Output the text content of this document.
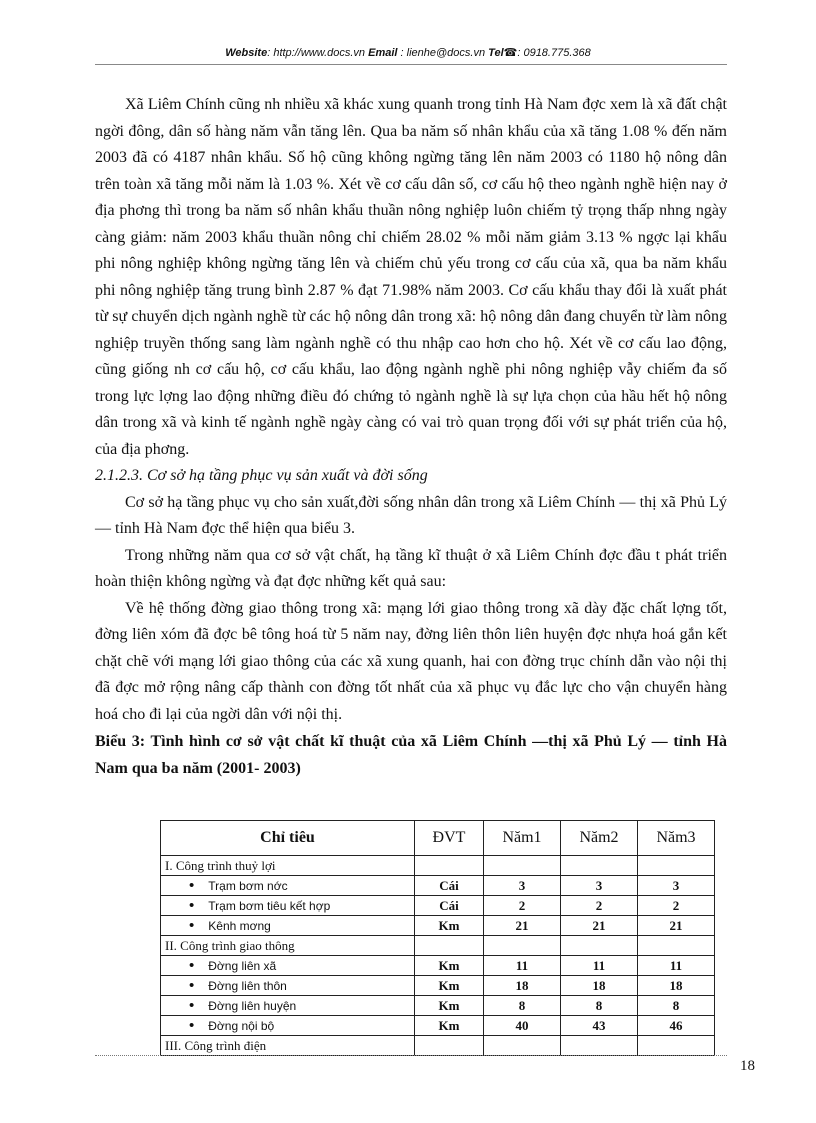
Website: http://www.docs.vn Email : lienhe@docs.vn Tel☎: 0918.775.368

Xã Liêm Chính cũng nh nhiều xã khác xung quanh trong tỉnh Hà Nam đợc xem là xã đất chật ngời đông, dân số hàng năm vẫn tăng lên. Qua ba năm số nhân khẩu của xã tăng 1.08 % đến năm 2003 đã có 4187 nhân khẩu. Số hộ cũng không ngừng tăng lên năm 2003 có 1180 hộ nông dân trên toàn xã tăng mỗi năm là 1.03 %. Xét về cơ cấu dân số, cơ cấu hộ theo ngành nghề hiện nay ở địa phơng thì trong ba năm số nhân khẩu thuần nông nghiệp luôn chiếm tỷ trọng thấp nhng ngày càng giảm: năm 2003 khẩu thuần nông chỉ chiếm 28.02 % mỗi năm giảm 3.13 % ngợc lại khẩu phi nông nghiệp không ngừng tăng lên và chiếm chủ yếu trong cơ cấu của xã, qua ba năm khẩu phi nông nghiệp tăng trung bình 2.87 % đạt 71.98% năm 2003. Cơ cấu khẩu thay đổi là xuất phát từ sự chuyển dịch ngành nghề từ các hộ nông dân trong xã: hộ nông dân đang chuyển từ làm nông nghiệp truyền thống sang làm ngành nghề có thu nhập cao hơn cho hộ. Xét về cơ cấu lao động, cũng giống nh cơ cấu hộ, cơ cấu khẩu, lao động ngành nghề phi nông nghiệp vẫy chiếm đa số trong lực lợng lao động những điều đó chứng tỏ ngành nghề là sự lựa chọn của hầu hết hộ nông dân trong xã và kinh tế ngành nghề ngày càng có vai trò quan trọng đối với sự phát triển của hộ, của địa phơng.

2.1.2.3. Cơ sở hạ tầng phục vụ sản xuất và đời sống

Cơ sở hạ tầng phục vụ cho sản xuất,đời sống nhân dân trong xã Liêm Chính — thị xã Phủ Lý — tỉnh Hà Nam đợc thể hiện qua biểu 3.

Trong những năm qua cơ sở vật chất, hạ tầng kĩ thuật ở xã Liêm Chính đợc đầu t phát triển hoàn thiện không ngừng và đạt đợc những kết quả sau:

Về hệ thống đờng giao thông trong xã: mạng lới giao thông trong xã dày đặc chất lợng tốt, đờng liên xóm đã đợc bê tông hoá từ 5 năm nay, đờng liên thôn liên huyện đợc nhựa hoá gắn kết chặt chẽ với mạng lới giao thông của các xã xung quanh, hai con đờng trục chính dẫn vào nội thị đã đợc mở rộng nâng cấp thành con đờng tốt nhất của xã phục vụ đắc lực cho vận chuyển hàng hoá cho đi lại của ngời dân với nội thị.

Biểu 3: Tình hình cơ sở vật chất kĩ thuật của xã Liêm Chính —thị xã Phủ Lý — tỉnh Hà Nam qua ba năm (2001- 2003)

Chỉ tiêu	ĐVT	Năm1	Năm2	Năm3
I. Công trình thuỷ lợi				
• Trạm bơm nớc	Cái	3	3	3
• Trạm bơm tiêu kết hợp	Cái	2	2	2
• Kênh mơng	Km	21	21	21
II. Công trình giao thông				
• Đờng liên xã	Km	11	11	11
• Đờng liên thôn	Km	18	18	18
• Đờng liên huyện	Km	8	8	8
• Đờng nội bộ	Km	40	43	46
III. Công trình điện				
18
